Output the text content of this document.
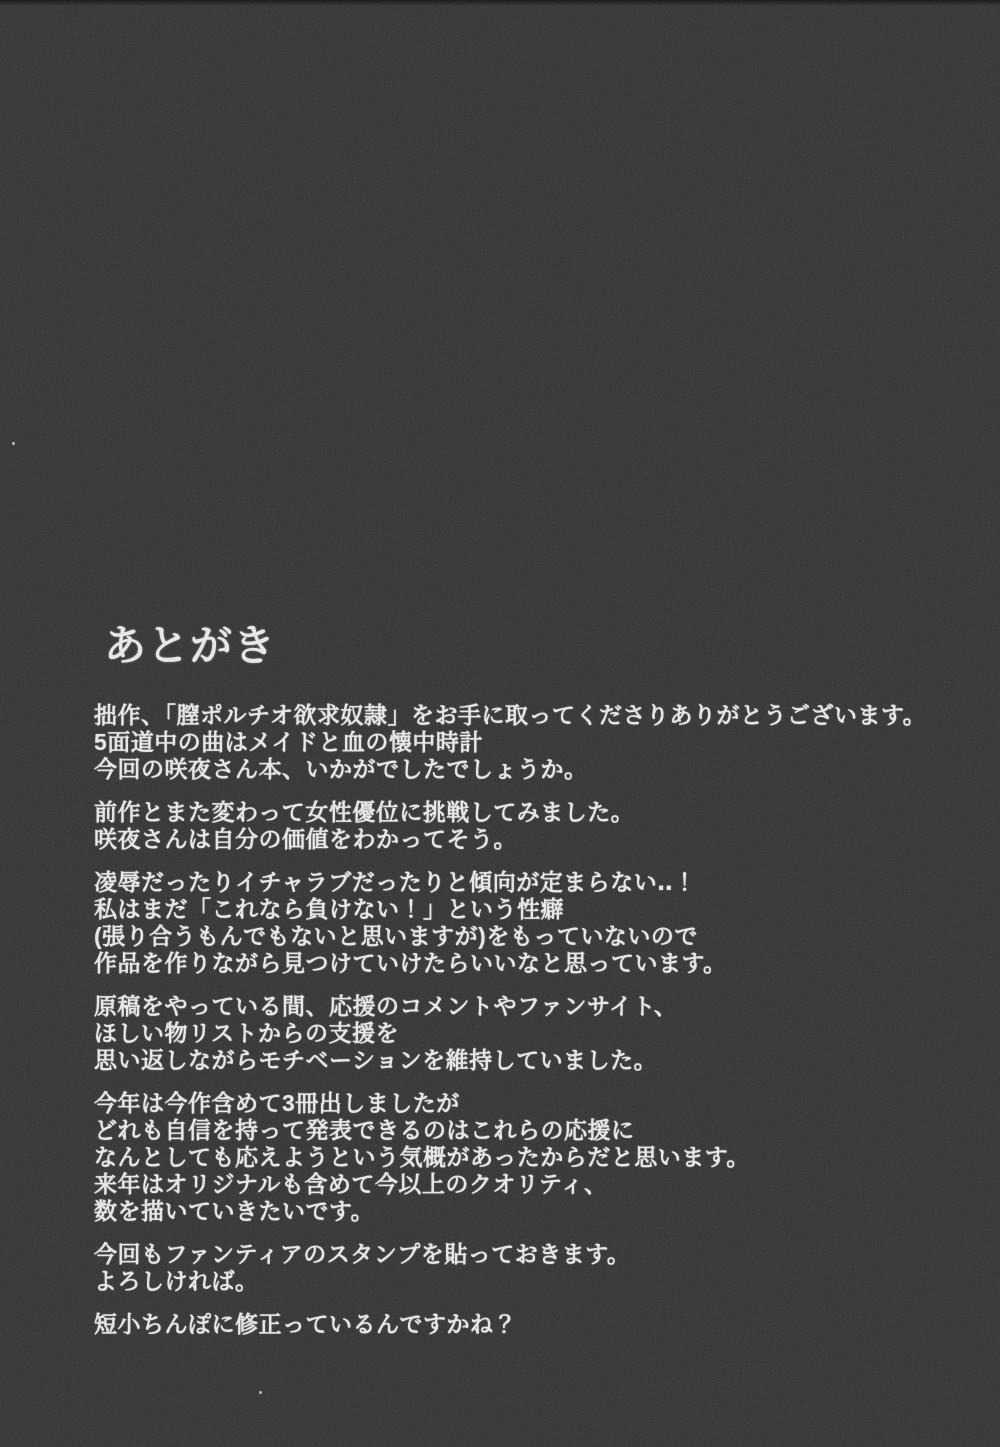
あとがき

拙作、「膣ポルチオ欲求奴隷」をお手に取ってくださりありがとうございます。
5面道中の曲はメイドと血の懐中時計
今回の咲夜さん本、いかがでしたでしょうか。

前作とまた変わって女性優位に挑戦してみました。
咲夜さんは自分の価値をわかってそう。

凌辱だったりイチャラブだったりと傾向が定まらない‥！
私はまだ「これなら負けない！」という性癖
(張り合うもんでもないと思いますが)をもっていないので
作品を作りながら見つけていけたらいいなと思っています。

原稿をやっている間、応援のコメントやファンサイト、
ほしい物リストからの支援を
思い返しながらモチベーションを維持していました。

今年は今作含めて3冊出しましたが
どれも自信を持って発表できるのはこれらの応援に
なんとしても応えようという気概があったからだと思います。
来年はオリジナルも含めて今以上のクオリティ、
数を描いていきたいです。

今回もファンティアのスタンプを貼っておきます。
よろしければ。

短小ちんぽに修正っているんですかね？
